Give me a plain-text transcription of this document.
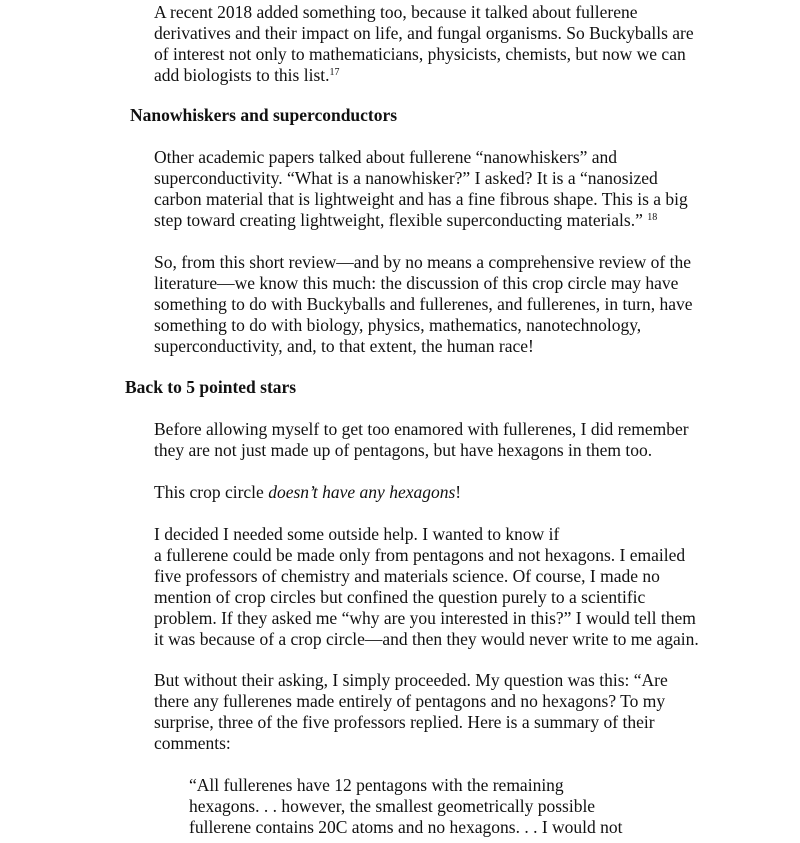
A recent 2018 added something too, because it talked about fullerene
derivatives and their impact on life, and fungal organisms. So Buckyballs are
of interest not only to mathematicians, physicists, chemists, but now we can
add biologists to this list.$^{17}$

Nanowhiskers and superconductors

Other academic papers talked about fullerene “nanowhiskers” and
superconductivity. “What is a nanowhisker?” I asked? It is a “nanosized
carbon material that is lightweight and has a fine fibrous shape. This is a big
step toward creating lightweight, flexible superconducting materials.” $^{18}$

So, from this short review—and by no means a comprehensive review of the
literature—we know this much: the discussion of this crop circle may have
something to do with Buckyballs and fullerenes, and fullerenes, in turn, have
something to do with biology, physics, mathematics, nanotechnology,
superconductivity, and, to that extent, the human race!

Back to 5 pointed stars

Before allowing myself to get too enamored with fullerenes, I did remember
they are not just made up of pentagons, but have hexagons in them too.

This crop circle doesn’t have any hexagons!

I decided I needed some outside help. I wanted to know if
a fullerene could be made only from pentagons and not hexagons. I emailed
five professors of chemistry and materials science. Of course, I made no
mention of crop circles but confined the question purely to a scientific
problem. If they asked me “why are you interested in this?” I would tell them
it was because of a crop circle—and then they would never write to me again.

But without their asking, I simply proceeded. My question was this: “Are
there any fullerenes made entirely of pentagons and no hexagons? To my
surprise, three of the five professors replied. Here is a summary of their
comments:

“All fullerenes have 12 pentagons with the remaining
hexagons. . . however, the smallest geometrically possible
fullerene contains 20C atoms and no hexagons. . . I would not
